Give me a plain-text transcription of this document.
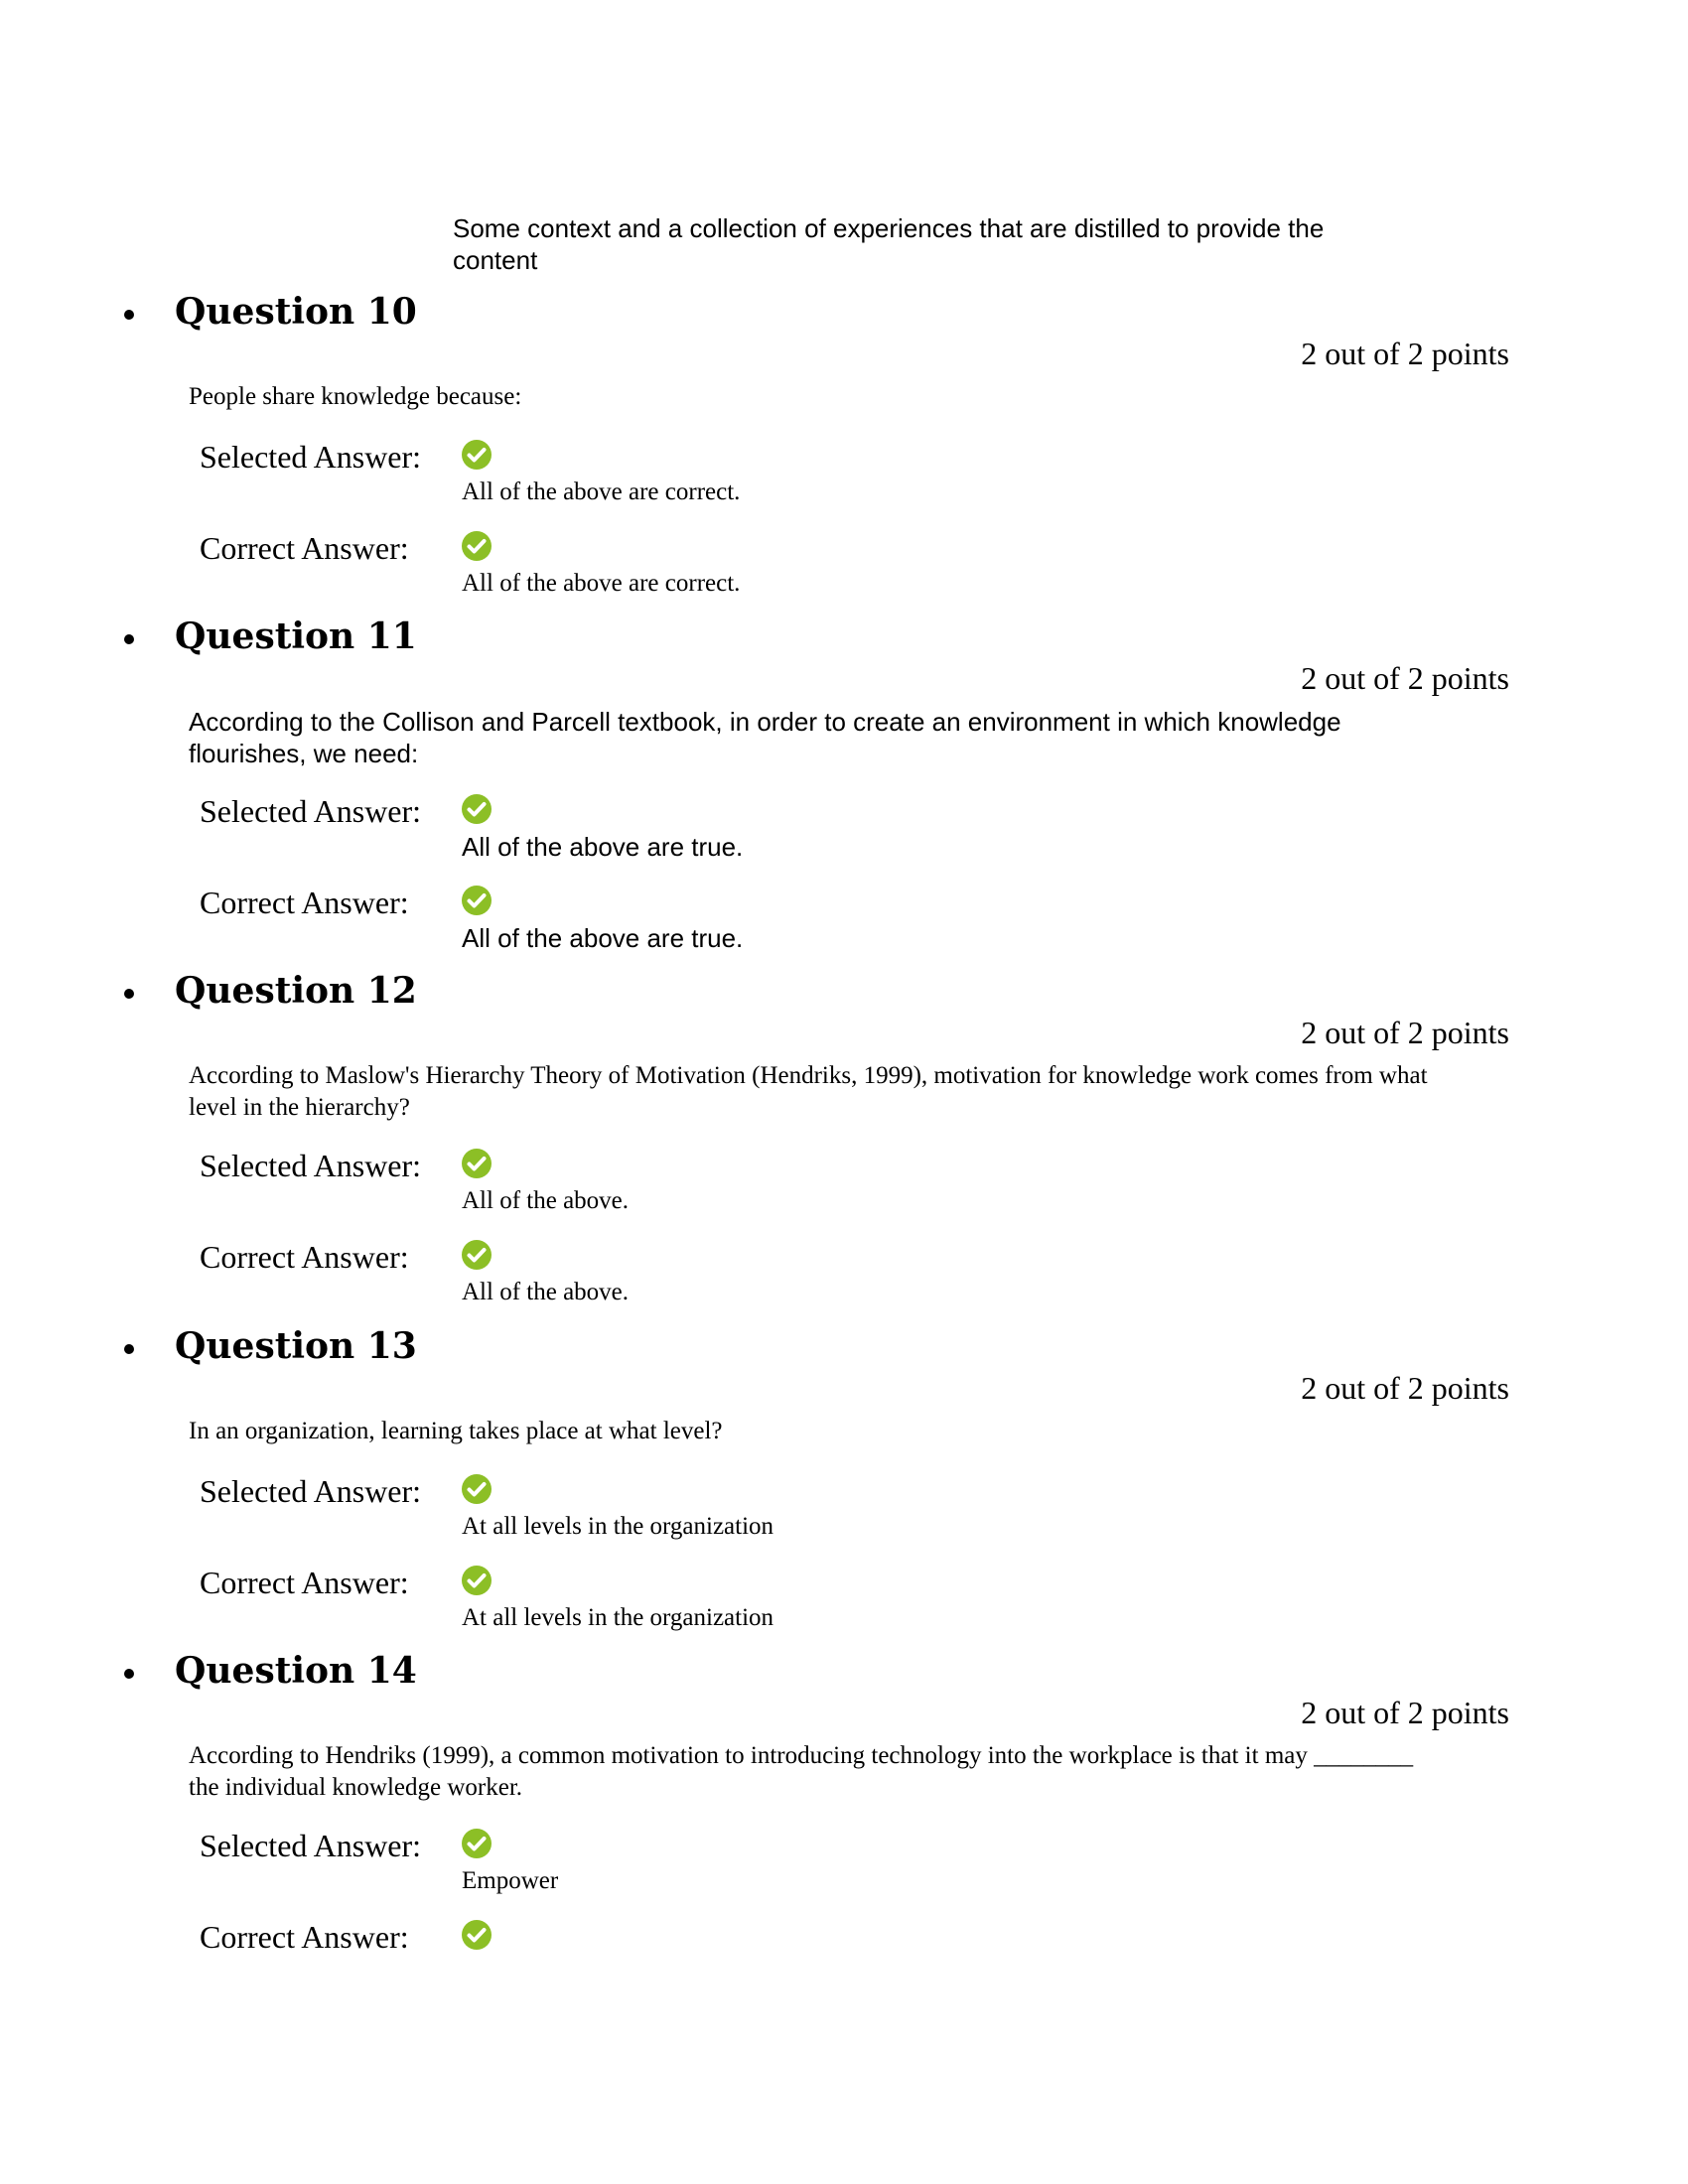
Some context and a collection of experiences that are distilled to provide the content
Question 10
2 out of 2 points
People share knowledge because:
Selected Answer:
All of the above are correct.
Correct Answer:
All of the above are correct.
Question 11
2 out of 2 points
According to the Collison and Parcell textbook, in order to create an environment in which knowledge flourishes, we need:
Selected Answer:
All of the above are true.
Correct Answer:
All of the above are true.
Question 12
2 out of 2 points
According to Maslow's Hierarchy Theory of Motivation (Hendriks, 1999), motivation for knowledge work comes from what level in the hierarchy?
Selected Answer:
All of the above.
Correct Answer:
All of the above.
Question 13
2 out of 2 points
In an organization, learning takes place at what level?
Selected Answer:
At all levels in the organization
Correct Answer:
At all levels in the organization
Question 14
2 out of 2 points
According to Hendriks (1999), a common motivation to introducing technology into the workplace is that it may ________ the individual knowledge worker.
Selected Answer:
Empower
Correct Answer:
